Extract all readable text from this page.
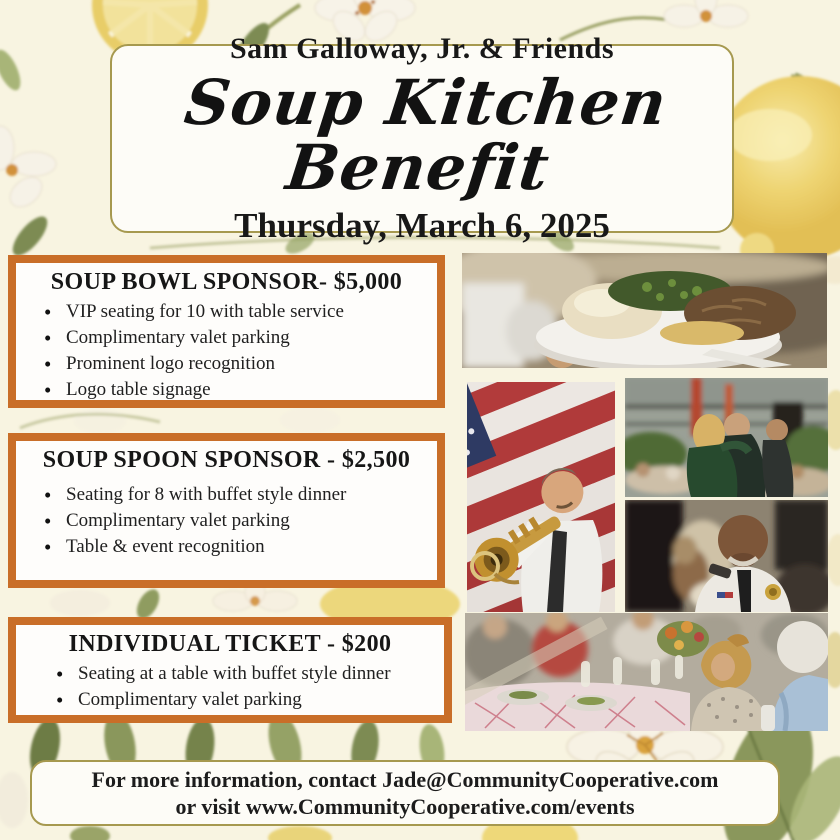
Sam Galloway, Jr. & Friends
Soup Kitchen Benefit
Thursday, March 6, 2025
SOUP BOWL SPONSOR- $5,000
• VIP seating for 10 with table service
• Complimentary valet parking
• Prominent logo recognition
• Logo table signage
SOUP SPOON SPONSOR - $2,500
• Seating for 8 with buffet style dinner
• Complimentary valet parking
• Table & event recognition
INDIVIDUAL TICKET - $200
• Seating at a table with buffet style dinner
• Complimentary valet parking
For more information, contact Jade@CommunityCooperative.com
or visit www.CommunityCooperative.com/events
